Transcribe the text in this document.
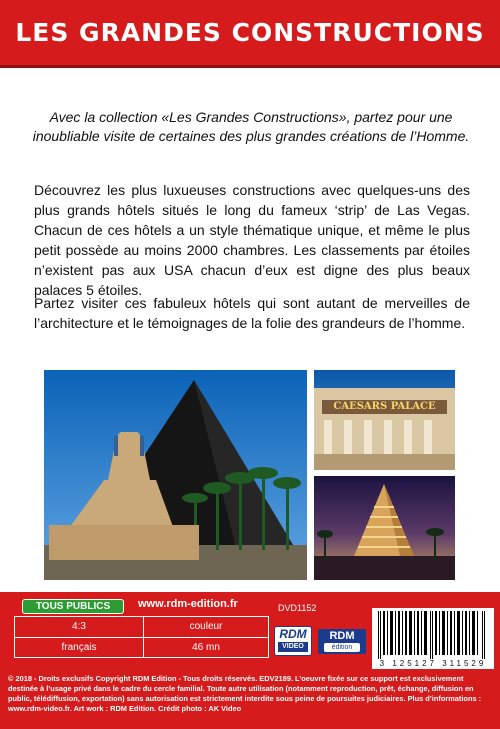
LES GRANDES CONSTRUCTIONS
Avec la collection «Les Grandes Constructions», partez pour une inoubliable visite de certaines des plus grandes créations de l’Homme.
Découvrez les plus luxueuses constructions avec quelques-uns des plus grands hôtels situés le long du fameux ‘strip’ de Las Vegas. Chacun de ces hôtels a un style thématique unique, et même le plus petit possède au moins 2000 chambres. Les classements par étoiles n’existent pas aux USA chacun d’eux est digne des plus beaux palaces 5 étoiles.
Partez visiter ces fabuleux hôtels qui sont autant de merveilles de l’architecture et le témoignages de la folie des grandeurs de l’homme.
CAESARS PALACE
TOUS PUBLICS	www.rdm-edition.fr	DVD1152
4:3	couleur
français	46 mn
RDM
VIDEO
RDM
édition
3 125127 311529
© 2018 - Droits exclusifs Copyright RDM Edition - Tous droits réservés. EDV2189. L’oeuvre fixée sur ce support est exclusivement destinée à l’usage privé dans le cadre du cercle familial. Toute autre utilisation (notamment reproduction, prêt, échange, diffusion en public, télédiffusion, exportation) sans autorisation est strictement interdite sous peine de poursuites judiciaires. Plus d’informations : www.rdm-video.fr. Art work : RDM Edition. Crédit photo : AK Video
